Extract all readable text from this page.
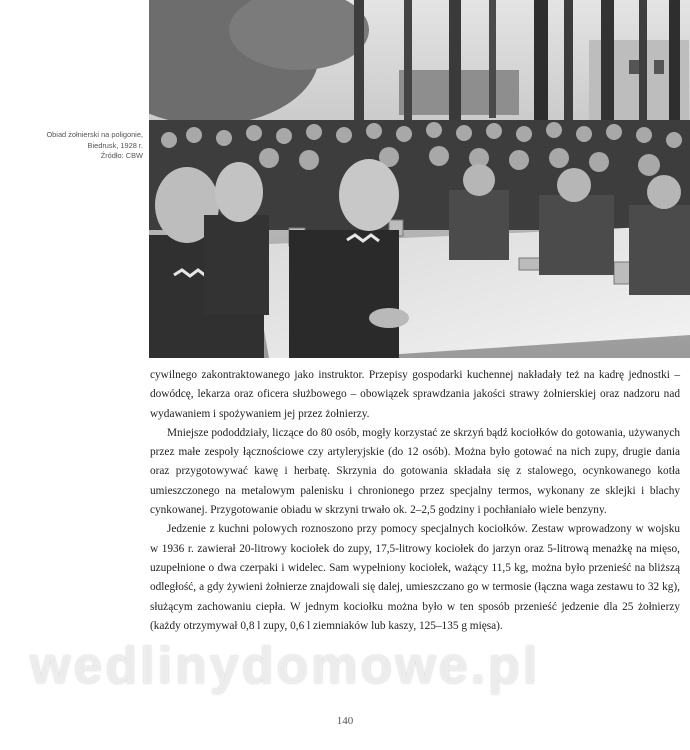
Obiad żołnierski na poligonie,
Biedrusk, 1928 r.
Źródło: CBW

cywilnego zakontraktowanego jako instruktor. Przepisy gospodarki kuchennej nakładały też na kadrę jednostki – dowódcę, lekarza oraz oficera służbowego – obowiązek sprawdzania jakości strawy żołnierskiej oraz nadzoru nad wydawaniem i spożywaniem jej przez żołnierzy.

Mniejsze pododdziały, liczące do 80 osób, mogły korzystać ze skrzyń bądź kociołków do gotowania, używanych przez małe zespoły łącznościowe czy artyleryjskie (do 12 osób). Można było gotować na nich zupy, drugie dania oraz przygotowywać kawę i herbatę. Skrzynia do gotowania składała się z stalowego, ocynkowanego kotła umieszczonego na metalowym palenisku i chronionego przez specjalny termos, wykonany ze sklejki i blachy cynkowanej. Przygotowanie obiadu w skrzyni trwało ok. 2–2,5 godziny i pochłaniało wiele benzyny.

Jedzenie z kuchni polowych roznoszono przy pomocy specjalnych kociołków. Zestaw wprowadzony w wojsku w 1936 r. zawierał 20-litrowy kociołek do zupy, 17,5-litrowy kociołek do jarzyn oraz 5-litrową menażkę na mięso, uzupełnione o dwa czerpaki i widelec. Sam wypełniony kociołek, ważący 11,5 kg, można było przenieść na bliższą odległość, a gdy żywieni żołnierze znajdowali się dalej, umieszczano go w termosie (łączna waga zestawu to 32 kg), służącym zachowaniu ciepła. W jednym kociołku można było w ten sposób przenieść jedzenie dla 25 żołnierzy (każdy otrzymywał 0,8 l zupy, 0,6 l ziemniaków lub kaszy, 125–135 g mięsa).

wedlinydomowe.pl
140
